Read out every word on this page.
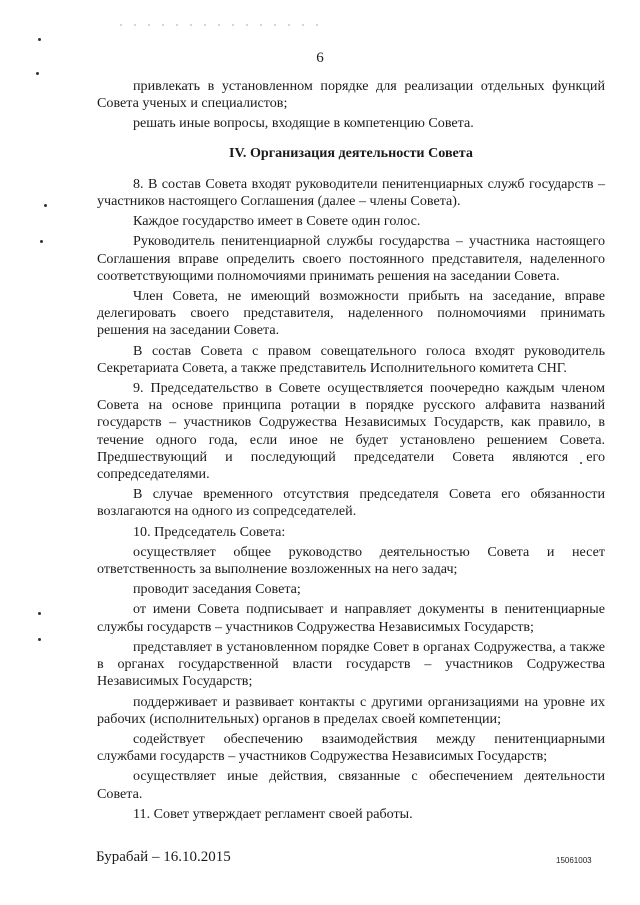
6

привлекать в установленном порядке для реализации отдельных функций Совета ученых и специалистов;

решать иные вопросы, входящие в компетенцию Совета.

IV. Организация деятельности Совета

8. В состав Совета входят руководители пенитенциарных служб государств – участников настоящего Соглашения (далее – члены Совета).

Каждое государство имеет в Совете один голос.

Руководитель пенитенциарной службы государства – участника настоящего Соглашения вправе определить своего постоянного представителя, наделенного соответствующими полномочиями принимать решения на заседании Совета.

Член Совета, не имеющий возможности прибыть на заседание, вправе делегировать своего представителя, наделенного полномочиями принимать решения на заседании Совета.

В состав Совета с правом совещательного голоса входят руководитель Секретариата Совета, а также представитель Исполнительного комитета СНГ.

9. Председательство в Совете осуществляется поочередно каждым членом Совета на основе принципа ротации в порядке русского алфавита названий государств – участников Содружества Независимых Государств, как правило, в течение одного года, если иное не будет установлено решением Совета. Предшествующий и последующий председатели Совета являются его сопредседателями.

В случае временного отсутствия председателя Совета его обязанности возлагаются на одного из сопредседателей.

10. Председатель Совета:

осуществляет общее руководство деятельностью Совета и несет ответственность за выполнение возложенных на него задач;

проводит заседания Совета;

от имени Совета подписывает и направляет документы в пенитенциарные службы государств – участников Содружества Независимых Государств;

представляет в установленном порядке Совет в органах Содружества, а также в органах государственной власти государств – участников Содружества Независимых Государств;

поддерживает и развивает контакты с другими организациями на уровне их рабочих (исполнительных) органов в пределах своей компетенции;

содействует обеспечению взаимодействия между пенитенциарными службами государств – участников Содружества Независимых Государств;

осуществляет иные действия, связанные с обеспечением деятельности Совета.

11. Совет утверждает регламент своей работы.

Бурабай – 16.10.2015	15061003
